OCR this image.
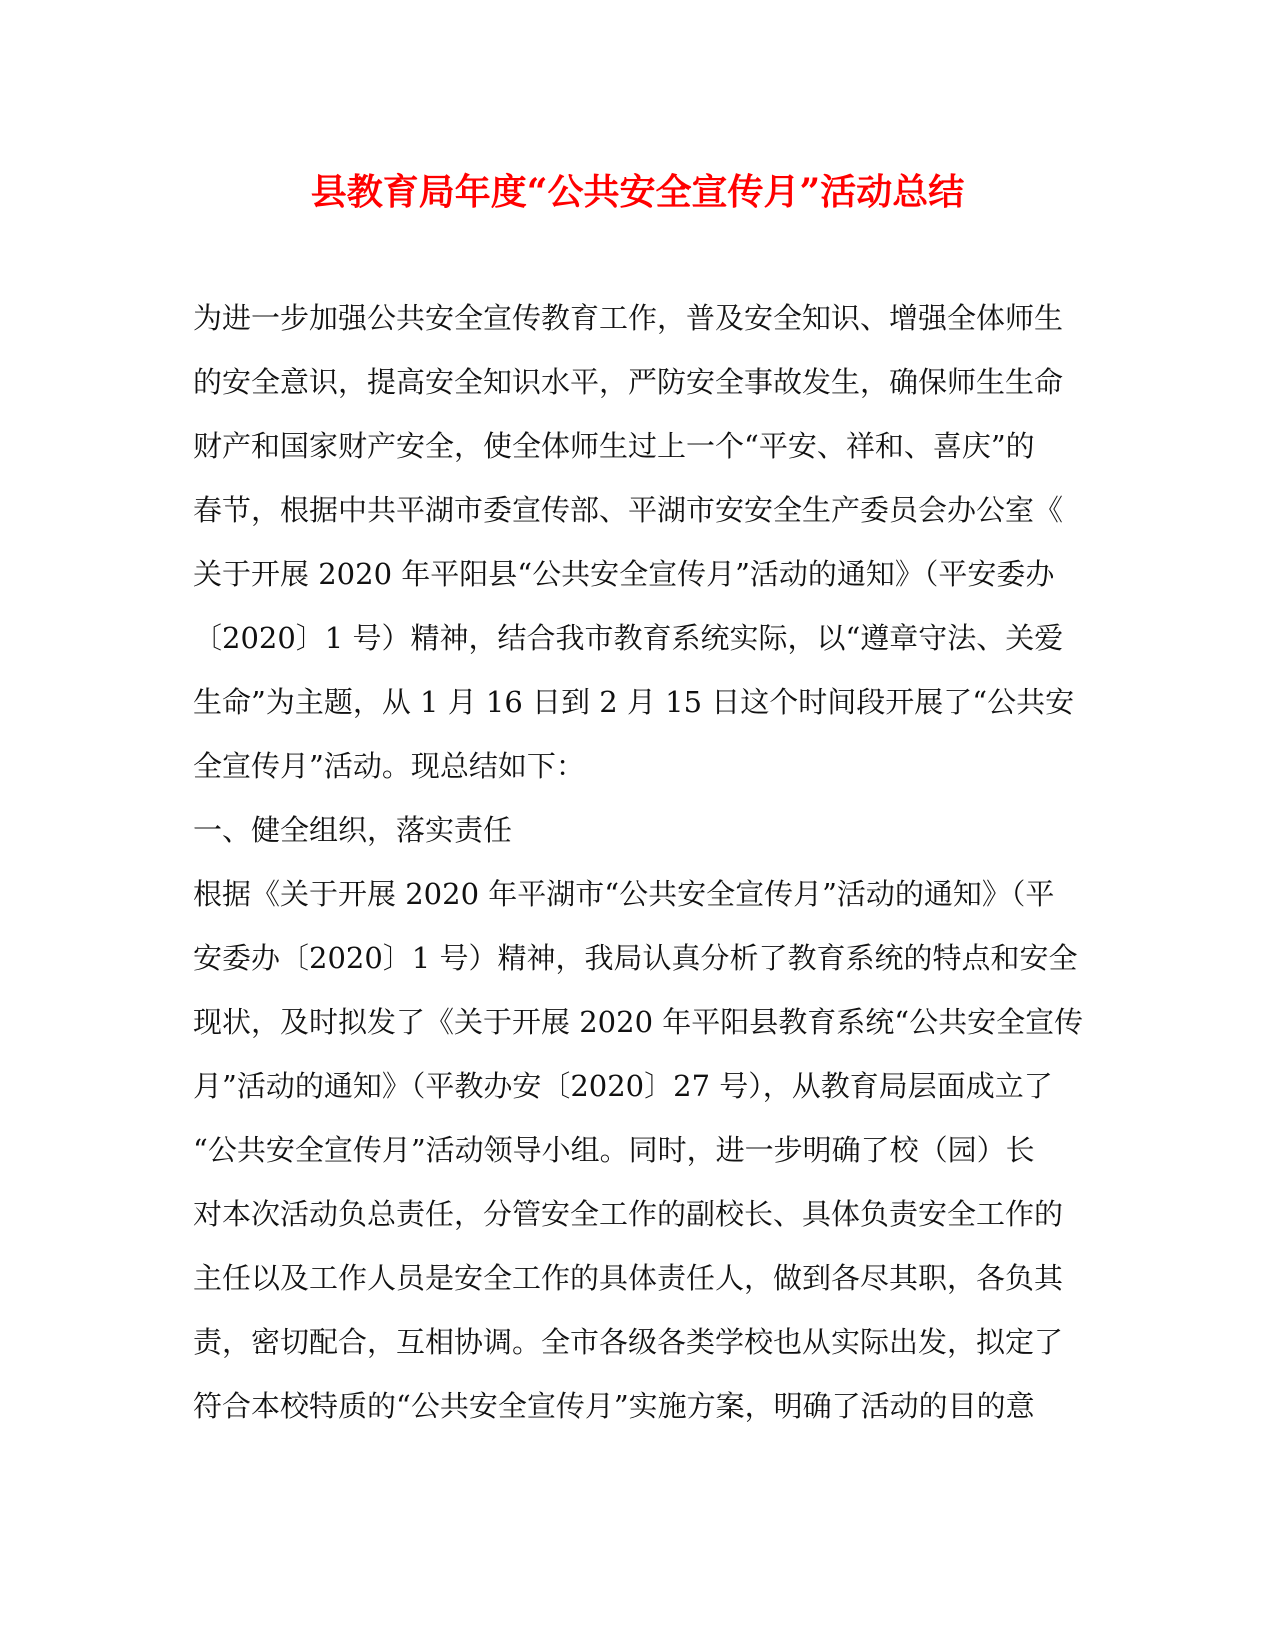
县教育局年度“公共安全宣传月”活动总结
为进一步加强公共安全宣传教育工作，普及安全知识、增强全体师生
的安全意识，提高安全知识水平，严防安全事故发生，确保师生生命
财产和国家财产安全，使全体师生过上一个“平安、祥和、喜庆”的
春节，根据中共平湖市委宣传部、平湖市安安全生产委员会办公室《
关于开展 2020 年平阳县“公共安全宣传月”活动的通知》（平安委办
〔2020〕1 号）精神，结合我市教育系统实际，以“遵章守法、关爱
生命”为主题，从 1 月 16 日到 2 月 15 日这个时间段开展了“公共安
全宣传月”活动。现总结如下：
一、健全组织，落实责任
根据《关于开展 2020 年平湖市“公共安全宣传月”活动的通知》（平
安委办〔2020〕1 号）精神，我局认真分析了教育系统的特点和安全
现状，及时拟发了《关于开展 2020 年平阳县教育系统“公共安全宣传
月”活动的通知》（平教办安〔2020〕27 号），从教育局层面成立了
“公共安全宣传月”活动领导小组。同时，进一步明确了校（园）长
对本次活动负总责任，分管安全工作的副校长、具体负责安全工作的
主任以及工作人员是安全工作的具体责任人，做到各尽其职，各负其
责，密切配合，互相协调。全市各级各类学校也从实际出发，拟定了
符合本校特质的“公共安全宣传月”实施方案，明确了活动的目的意
